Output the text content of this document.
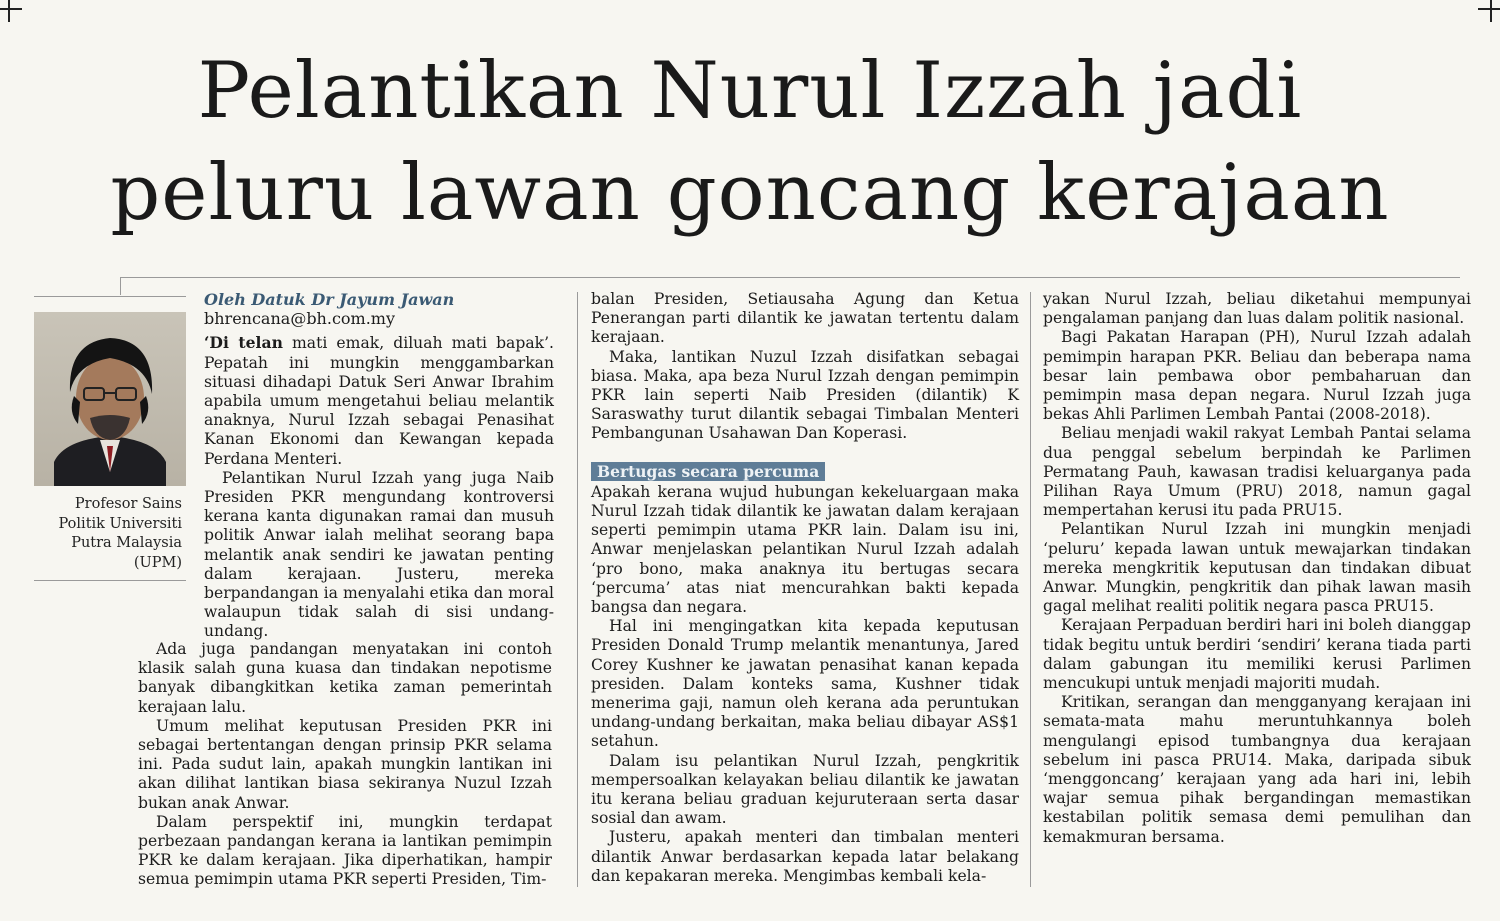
Pelantikan Nurul Izzah jadi
peluru lawan goncang kerajaan
Profesor Sains
Politik Universiti
Putra Malaysia
(UPM)
Oleh Datuk Dr Jayum Jawan
bhrencana@bh.com.my

‘Di telan mati emak, diluah mati bapak’. Pepatah ini mungkin menggambarkan situasi dihadapi Datuk Seri Anwar Ibrahim apabila umum mengetahui beliau melantik anaknya, Nurul Izzah sebagai Penasihat Kanan Ekonomi dan Kewangan kepada Perdana Menteri.

Pelantikan Nurul Izzah yang juga Naib Presiden PKR mengundang kontroversi kerana kanta digunakan ramai dan musuh politik Anwar ialah melihat seorang bapa melantik anak sendiri ke jawatan penting dalam kerajaan. Justeru, mereka berpandangan ia menyalahi etika dan moral walaupun tidak salah di sisi undang-undang.

Ada juga pandangan menyatakan ini contoh klasik salah guna kuasa dan tindakan nepotisme banyak dibangkitkan ketika zaman pemerintah kerajaan lalu.

Umum melihat keputusan Presiden PKR ini sebagai bertentangan dengan prinsip PKR selama ini. Pada sudut lain, apakah mungkin lantikan ini akan dilihat lantikan biasa sekiranya Nuzul Izzah bukan anak Anwar.

Dalam perspektif ini, mungkin terdapat perbezaan pandangan kerana ia lantikan pemimpin PKR ke dalam kerajaan. Jika diperhatikan, hampir semua pemimpin utama PKR seperti Presiden, Tim-

balan Presiden, Setiausaha Agung dan Ketua Penerangan parti dilantik ke jawatan tertentu dalam kerajaan.

Maka, lantikan Nuzul Izzah disifatkan sebagai biasa. Maka, apa beza Nurul Izzah dengan pemimpin PKR lain seperti Naib Presiden (dilantik) K Saraswathy turut dilantik sebagai Timbalan Menteri Pembangunan Usahawan Dan Koperasi.

Bertugas secara percuma

Apakah kerana wujud hubungan kekeluargaan maka Nurul Izzah tidak dilantik ke jawatan dalam kerajaan seperti pemimpin utama PKR lain. Dalam isu ini, Anwar menjelaskan pelantikan Nurul Izzah adalah ‘pro bono, maka anaknya itu bertugas secara ‘percuma’ atas niat mencurahkan bakti kepada bangsa dan negara.

Hal ini mengingatkan kita kepada keputusan Presiden Donald Trump melantik menantunya, Jared Corey Kushner ke jawatan penasihat kanan kepada presiden. Dalam konteks sama, Kushner tidak menerima gaji, namun oleh kerana ada peruntukan undang-undang berkaitan, maka beliau dibayar AS$1 setahun.

Dalam isu pelantikan Nurul Izzah, pengkritik mempersoalkan kelayakan beliau dilantik ke jawatan itu kerana beliau graduan kejuruteraan serta dasar sosial dan awam.

Justeru, apakah menteri dan timbalan menteri dilantik Anwar berdasarkan kepada latar belakang dan kepakaran mereka. Mengimbas kembali kela-

yakan Nurul Izzah, beliau diketahui mempunyai pengalaman panjang dan luas dalam politik nasional.

Bagi Pakatan Harapan (PH), Nurul Izzah adalah pemimpin harapan PKR. Beliau dan beberapa nama besar lain pembawa obor pembaharuan dan pemimpin masa depan negara. Nurul Izzah juga bekas Ahli Parlimen Lembah Pantai (2008-2018).

Beliau menjadi wakil rakyat Lembah Pantai selama dua penggal sebelum berpindah ke Parlimen Permatang Pauh, kawasan tradisi keluarganya pada Pilihan Raya Umum (PRU) 2018, namun gagal mempertahan kerusi itu pada PRU15.

Pelantikan Nurul Izzah ini mungkin menjadi ‘peluru’ kepada lawan untuk mewajarkan tindakan mereka mengkritik keputusan dan tindakan dibuat Anwar. Mungkin, pengkritik dan pihak lawan masih gagal melihat realiti politik negara pasca PRU15.

Kerajaan Perpaduan berdiri hari ini boleh dianggap tidak begitu untuk berdiri ‘sendiri’ kerana tiada parti dalam gabungan itu memiliki kerusi Parlimen mencukupi untuk menjadi majoriti mudah.

Kritikan, serangan dan mengganyang kerajaan ini semata-mata mahu meruntuhkannya boleh mengulangi episod tumbangnya dua kerajaan sebelum ini pasca PRU14. Maka, daripada sibuk ‘menggoncang’ kerajaan yang ada hari ini, lebih wajar semua pihak bergandingan memastikan kestabilan politik semasa demi pemulihan dan kemakmuran bersama.
